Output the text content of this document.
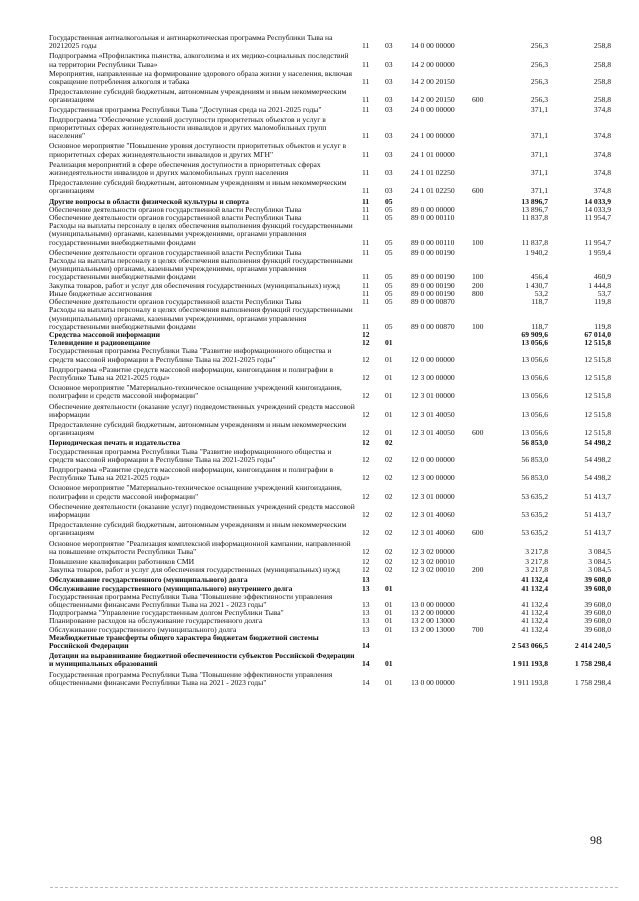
Государственная антиалкогольная и антинаркотическая программа Республики Тыва на 20212025 годы	11	03	14 0 00 00000	256,3	258,8
Подпрограмма «Профилактика пьянства, алкоголизма и их медико-социальных последствий на территории Республики Тыва»	11	03	14 2 00 00000	256,3	258,8
Мероприятия, направленные на формирование здорового образа жизни у населения, включая сокращение потребления алкоголя и табака	11	03	14 2 00 20150	256,3	258,8
Предоставление субсидий бюджетным, автономным учреждениям и иным некоммерческим организациям	11	03	14 2 00 20150	600	256,3	258,8
Государственная программа Республики Тыва "Доступная среда на 2021-2025 годы"	11	03	24 0 00 00000	371,1	374,8
Подпрограмма "Обеспечение условий доступности приоритетных объектов и услуг в приоритетных сферах жизнедеятельности инвалидов и других маломобильных групп населения"	11	03	24 1 00 00000	371,1	374,8
Основное мероприятие "Повышение уровня доступности приоритетных объектов и услуг в приоритетных сферах жизнедеятельности инвалидов и других МГН"	11	03	24 1 01 00000	371,1	374,8
Реализация мероприятий в сфере обеспечения доступности в приоритетных сферах жизнедеятельности инвалидов и других маломобильных групп населения	11	03	24 1 01 02250	371,1	374,8
Предоставление субсидий бюджетным, автономным учреждениям и иным некоммерческим организациям	11	03	24 1 01 02250	600	371,1	374,8
Другие вопросы в области физической культуры и спорта	11	05	13 896,7	14 033,9
Обеспечение деятельности органов государственной власти Республики Тыва	11	05	89 0 00 00000	13 896,7	14 033,9
Обеспечение деятельности органов государственной власти Республики Тыва	11	05	89 0 00 00110	11 837,8	11 954,7
Расходы на выплаты персоналу в целях обеспечения выполнения функций государственными (муниципальными) органами, казенными учреждениями, органами управления государственными внебюджетными фондами	11	05	89 0 00 00110	100	11 837,8	11 954,7
Обеспечение деятельности органов государственной власти Республики Тыва	11	05	89 0 00 00190	1 940,2	1 959,4
Расходы на выплаты персоналу в целях обеспечения выполнения функций государственными (муниципальными) органами, казенными учреждениями, органами управления государственными внебюджетными фондами	11	05	89 0 00 00190	100	456,4	460,9
Закупка товаров, работ и услуг для обеспечения государственных (муниципальных) нужд	11	05	89 0 00 00190	200	1 430,7	1 444,8
Иные бюджетные ассигнования	11	05	89 0 00 00190	800	53,2	53,7
Обеспечение деятельности органов государственной власти Республики Тыва	11	05	89 0 00 00870	118,7	119,8
Расходы на выплаты персоналу в целях обеспечения выполнения функций государственными (муниципальными) органами, казенными учреждениями, органами управления государственными внебюджетными фондами	11	05	89 0 00 00870	100	118,7	119,8
Средства массовой информации	12	69 909,6	67 014,0
Телевидение и радиовещание	12	01	13 056,6	12 515,8
Государственная программа Республики Тыва "Развитие информационного общества и средств массовой информации в Республике Тыва на 2021-2025 годы"	12	01	12 0 00 00000	13 056,6	12 515,8
Подпрограмма «Развитие средств массовой информации, книгоиздания и полиграфии в Республике Тыва на 2021-2025 годы»	12	01	12 3 00 00000	13 056,6	12 515,8
Основное мероприятие "Материально-техническое оснащение учреждений книгоиздания, полиграфии и средств массовой информации"	12	01	12 3 01 00000	13 056,6	12 515,8
Обеспечение деятельности (оказание услуг) подведомственных учреждений средств массовой информации	12	01	12 3 01 40050	13 056,6	12 515,8
Предоставление субсидий бюджетным, автономным учреждениям и иным некоммерческим организациям	12	01	12 3 01 40050	600	13 056,6	12 515,8
Периодическая печать и издательства	12	02	56 853,0	54 498,2
Государственная программа Республики Тыва "Развитие информационного общества и средств массовой информации в Республике Тыва на 2021-2025 годы"	12	02	12 0 00 00000	56 853,0	54 498,2
Подпрограмма «Развитие средств массовой информации, книгоиздания и полиграфии в Республике Тыва на 2021-2025 годы»	12	02	12 3 00 00000	56 853,0	54 498,2
Основное мероприятие "Материально-техническое оснащение учреждений книгоиздания, полиграфии и средств массовой информации"	12	02	12 3 01 00000	53 635,2	51 413,7
Обеспечение деятельности (оказание услуг) подведомственных учреждений средств массовой информации	12	02	12 3 01 40060	53 635,2	51 413,7
Предоставление субсидий бюджетным, автономным учреждениям и иным некоммерческим организациям	12	02	12 3 01 40060	600	53 635,2	51 413,7
Основное мероприятие "Реализация комплексной информационной кампании, направленной на повышение открытости Республики Тыва"	12	02	12 3 02 00000	3 217,8	3 084,5
Повышение квалификации работников СМИ	12	02	12 3 02 00010	3 217,8	3 084,5
Закупка товаров, работ и услуг для обеспечения государственных (муниципальных) нужд	12	02	12 3 02 00010	200	3 217,8	3 084,5
Обслуживание государственного (муниципального) долга	13	41 132,4	39 608,0
Обслуживание государственного (муниципального) внутреннего долга	13	01	41 132,4	39 608,0
Государственная программа Республики Тыва "Повышение эффективности управления общественными финансами Республики Тыва на 2021 - 2023 годы"	13	01	13 0 00 00000	41 132,4	39 608,0
Подпрограмма "Управление государственным долгом Республики Тыва"	13	01	13 2 00 00000	41 132,4	39 608,0
Планирование расходов на обслуживание государственного долга	13	01	13 2 00 13000	41 132,4	39 608,0
Обслуживание государственного (муниципального) долга	13	01	13 2 00 13000	700	41 132,4	39 608,0
Межбюджетные трансферты общего характера бюджетам бюджетной системы Российской Федерации	14	2 543 066,5	2 414 240,5
Дотации на выравнивание бюджетной обеспеченности субъектов Российской Федерации и муниципальных образований	14	01	1 911 193,8	1 758 298,4
Государственная программа Республики Тыва "Повышение эффективности управления общественными финансами Республики Тыва на 2021 - 2023 годы"	14	01	13 0 00 00000	1 911 193,8	1 758 298,4
98
